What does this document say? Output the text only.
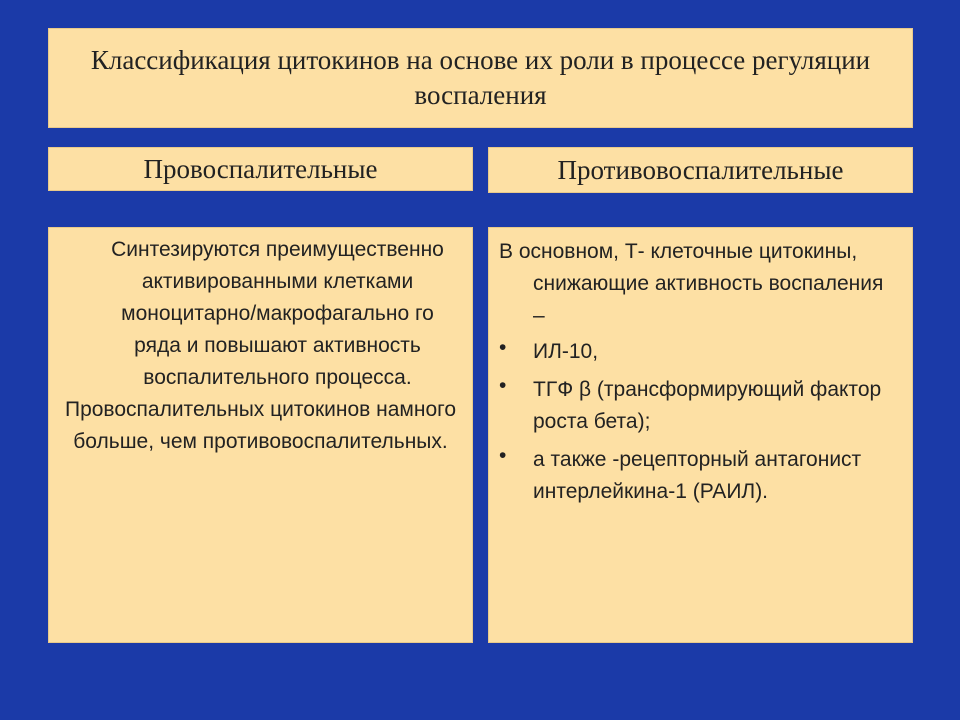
Классификация цитокинов на основе их роли в процессе регуляции воспаления
Провоспалительные	Противовоспалительные

Синтезируются преимущественно активированными клетками моноцитарно/макрофагально го ряда и повышают активность воспалительного процесса.

Провоспалительных цитокинов намного больше, чем противовоспалительных.

В основном, Т- клеточные цитокины, снижающие активность воспаления –

• ИЛ-10,
• ТГФ β (трансформирующий фактор роста бета);
• а также -рецепторный антагонист интерлейкина-1 (РАИЛ).
